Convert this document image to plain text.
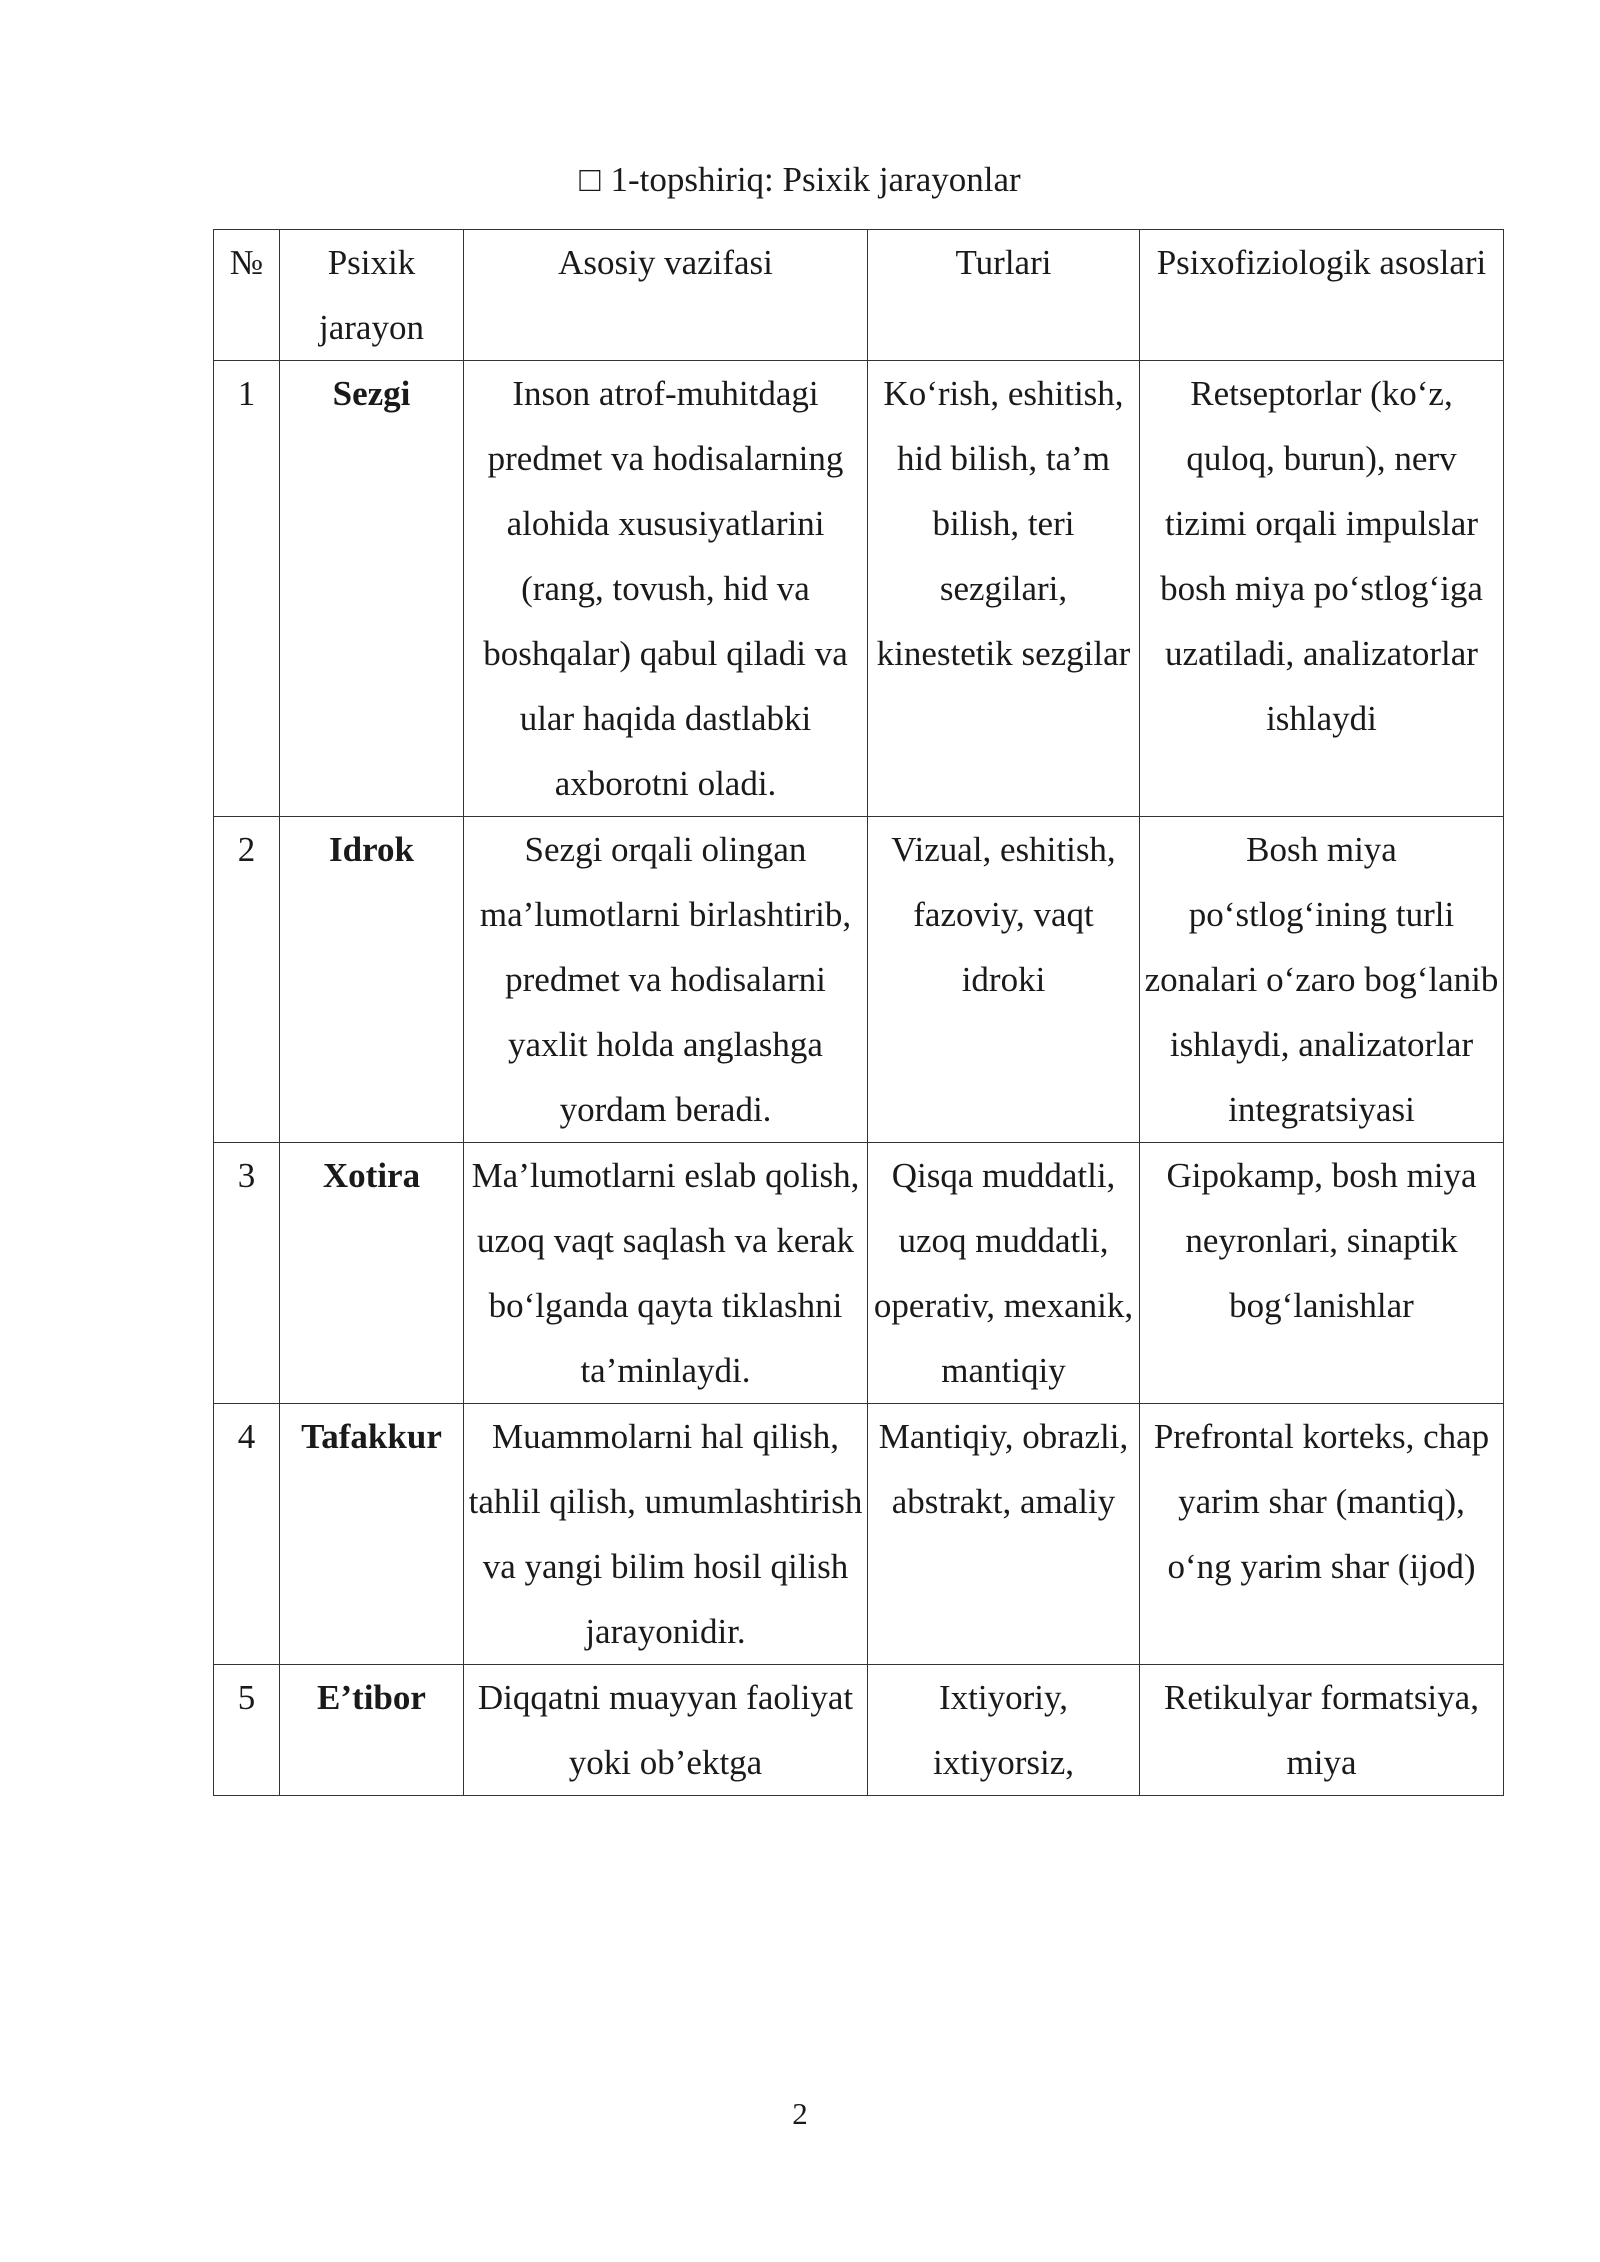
□ 1-topshiriq: Psixik jarayonlar
№	Psixik jarayon	Asosiy vazifasi	Turlari	Psixofiziologik asoslari
1	Sezgi	Inson atrof-muhitdagi predmet va hodisalarning alohida xususiyatlarini (rang, tovush, hid va boshqalar) qabul qiladi va ular haqida dastlabki axborotni oladi.	Ko‘rish, eshitish, hid bilish, ta’m bilish, teri sezgilari, kinestetik sezgilar	Retseptorlar (ko‘z, quloq, burun), nerv tizimi orqali impulslar bosh miya po‘stlog‘iga uzatiladi, analizatorlar ishlaydi
2	Idrok	Sezgi orqali olingan ma’lumotlarni birlashtirib, predmet va hodisalarni yaxlit holda anglashga yordam beradi.	Vizual, eshitish, fazoviy, vaqt idroki	Bosh miya po‘stlog‘ining turli zonalari o‘zaro bog‘lanib ishlaydi, analizatorlar integratsiyasi
3	Xotira	Ma’lumotlarni eslab qolish, uzoq vaqt saqlash va kerak bo‘lganda qayta tiklashni ta’minlaydi.	Qisqa muddatli, uzoq muddatli, operativ, mexanik, mantiqiy	Gipokamp, bosh miya neyronlari, sinaptik bog‘lanishlar
4	Tafakkur	Muammolarni hal qilish, tahlil qilish, umumlashtirish va yangi bilim hosil qilish jarayonidir.	Mantiqiy, obrazli, abstrakt, amaliy	Prefrontal korteks, chap yarim shar (mantiq), o‘ng yarim shar (ijod)
5	E’tibor	Diqqatni muayyan faoliyat yoki ob’ektga	Ixtiyoriy, ixtiyorsiz,	Retikulyar formatsiya, miya
2
